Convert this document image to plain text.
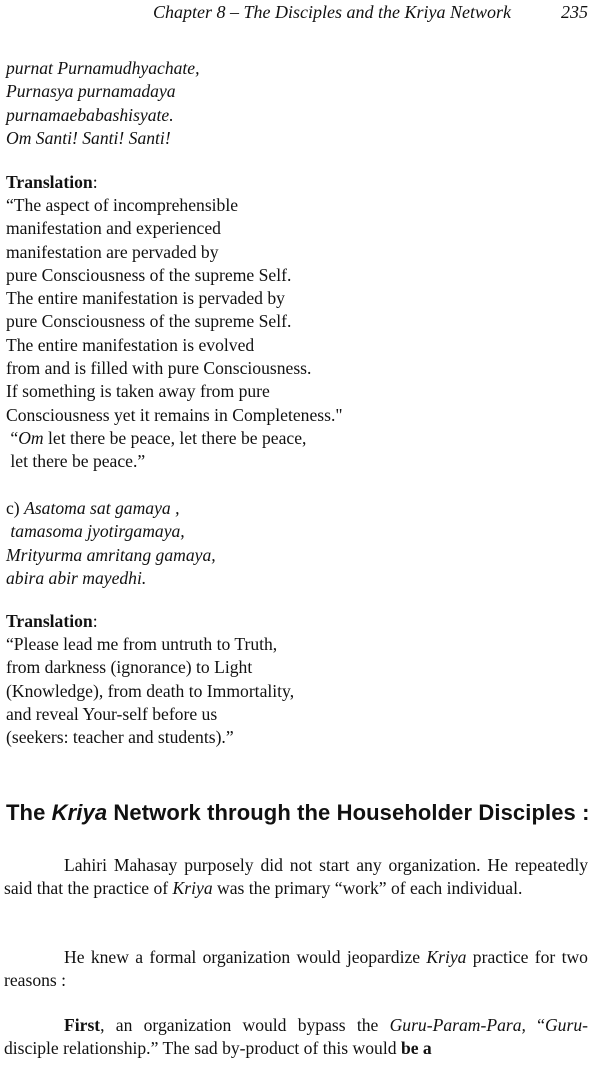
Chapter 8 – The Disciples and the Kriya Network	235
purnat Purnamudhyachate,
Purnasya purnamadaya
purnamaebabashisyate.
Om Santi! Santi! Santi!
Translation:
“The aspect of incomprehensible
manifestation and experienced
manifestation are pervaded by
pure Consciousness of the supreme Self.
The entire manifestation is pervaded by
pure Consciousness of the supreme Self.
The entire manifestation is evolved
from and is filled with pure Consciousness.
If something is taken away from pure
Consciousness yet it remains in Completeness."
“Om let there be peace, let there be peace,
let there be peace.”
c) Asatoma sat gamaya ,
tamasoma jyotirgamaya,
Mrityurma amritang gamaya,
abira abir mayedhi.
Translation:
“Please lead me from untruth to Truth,
from darkness (ignorance) to Light
(Knowledge), from death to Immortality,
and reveal Your-self before us
(seekers: teacher and students).”
The Kriya Network through the Householder Disciples :
Lahiri Mahasay purposely did not start any organization. He repeatedly said that the practice of Kriya was the primary “work” of each individual.
He knew a formal organization would jeopardize Kriya practice for two reasons :
First, an organization would bypass the Guru-Param-Para, “Guru-disciple relationship.” The sad by-product of this would be a
